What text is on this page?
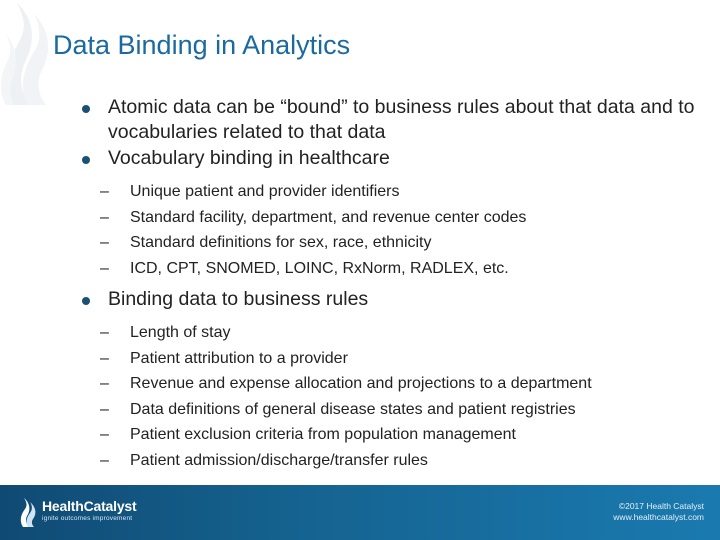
Data Binding in Analytics
Atomic data can be “bound” to business rules about that data and to vocabularies related to that data
Vocabulary binding in healthcare
– Unique patient and provider identifiers
– Standard facility, department, and revenue center codes
– Standard definitions for sex, race, ethnicity
– ICD, CPT, SNOMED, LOINC, RxNorm, RADLEX, etc.
Binding data to business rules
– Length of stay
– Patient attribution to a provider
– Revenue and expense allocation and projections to a department
– Data definitions of general disease states and patient registries
– Patient exclusion criteria from population management
– Patient admission/discharge/transfer rules
HealthCatalyst
ignite outcomes improvement
©2017 Health Catalyst
www.healthcatalyst.com
